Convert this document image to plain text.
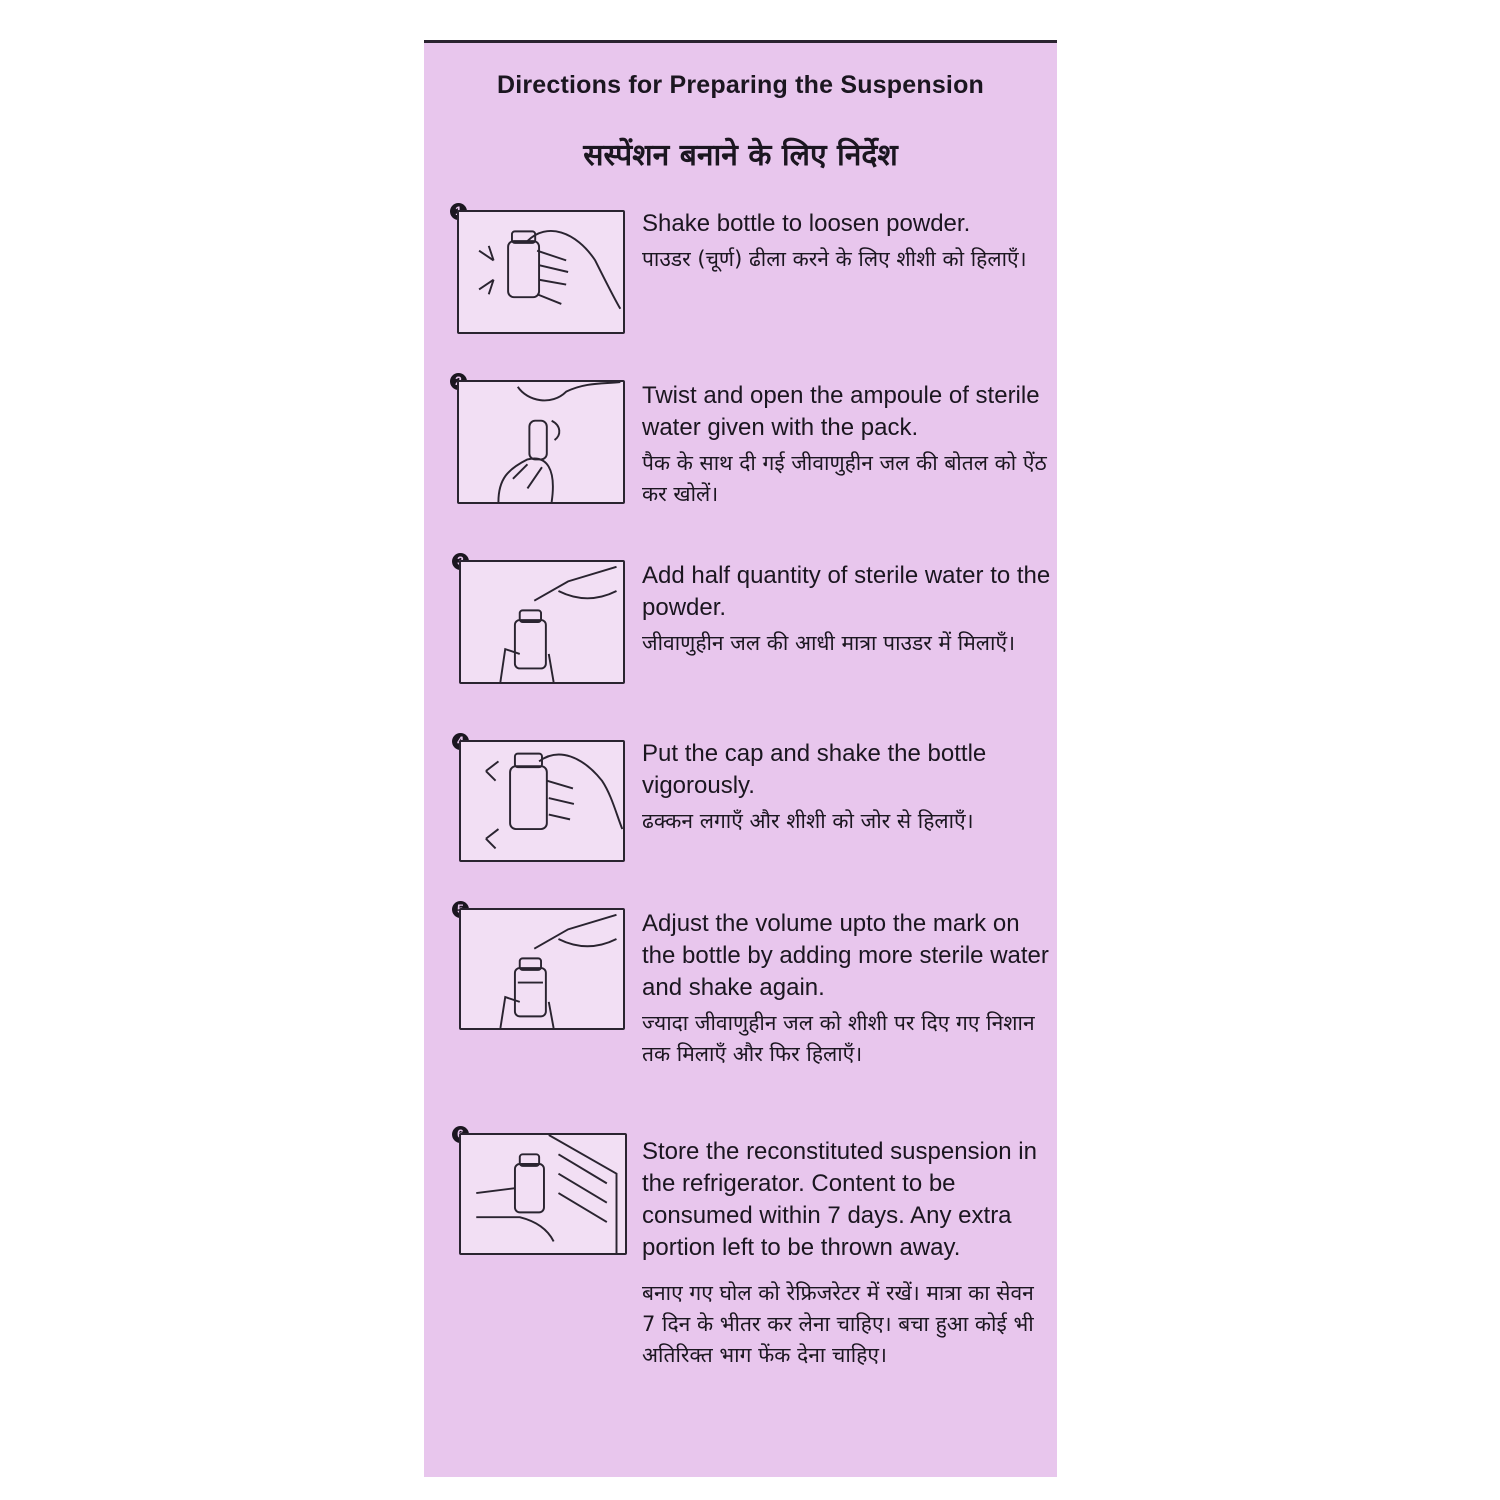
Directions for Preparing the Suspension
सस्पेंशन बनाने के लिए निर्देश
Shake bottle to loosen powder.
पाउडर (चूर्ण) ढीला करने के लिए शीशी को हिलाएँ।
Twist and open the ampoule of sterile water given with the pack.
पैक के साथ दी गई जीवाणुहीन जल की बोतल को ऐंठ कर खोलें।
Add half quantity of sterile water to the powder.
जीवाणुहीन जल की आधी मात्रा पाउडर में मिलाएँ।
Put the cap and shake the bottle vigorously.
ढक्कन लगाएँ और शीशी को जोर से हिलाएँ।
Adjust the volume upto the mark on the bottle by adding more sterile water and shake again.
ज्यादा जीवाणुहीन जल को शीशी पर दिए गए निशान तक मिलाएँ और फिर हिलाएँ।
Store the reconstituted suspension in the refrigerator. Content to be consumed within 7 days. Any extra portion left to be thrown away.
बनाए गए घोल को रेफ्रिजरेटर में रखें। मात्रा का सेवन 7 दिन के भीतर कर लेना चाहिए। बचा हुआ कोई भी अतिरिक्त भाग फेंक देना चाहिए।
